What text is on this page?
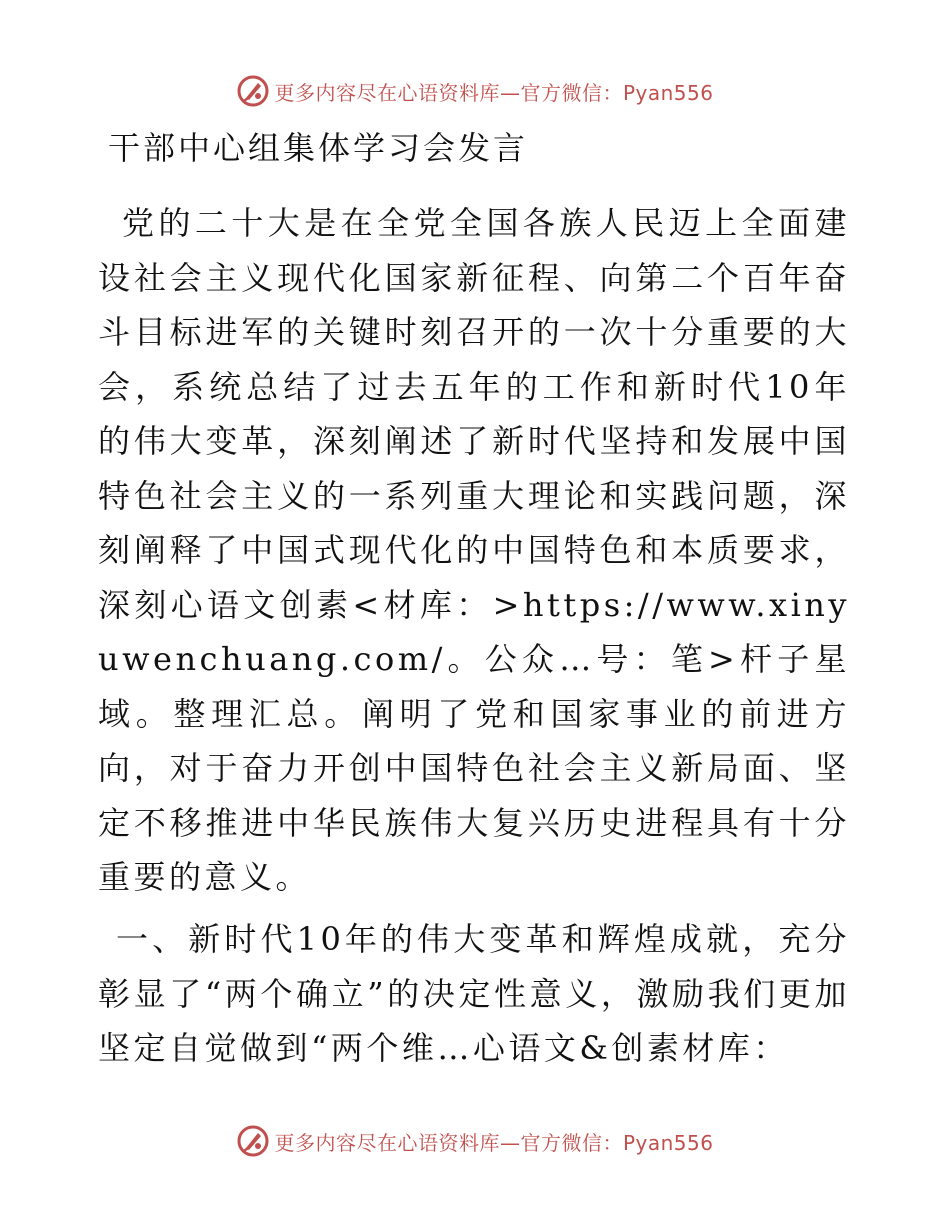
更多内容尽在心语资料库—官方微信：Pyan556
干部中心组集体学习会发言

党的二十大是在全党全国各族人民迈上全面建设社会主义现代化国家新征程、向第二个百年奋斗目标进军的关键时刻召开的一次十分重要的大会，系统总结了过去五年的工作和新时代10年的伟大变革，深刻阐述了新时代坚持和发展中国特色社会主义的一系列重大理论和实践问题，深刻阐释了中国式现代化的中国特色和本质要求，深刻心语文创素<材库：>https://www.xinyuwenchuang.com/。公众…号：笔>杆子星域。整理汇总。阐明了党和国家事业的前进方向，对于奋力开创中国特色社会主义新局面、坚定不移推进中华民族伟大复兴历史进程具有十分重要的意义。

一、新时代10年的伟大变革和辉煌成就，充分彰显了“两个确立”的决定性意义，激励我们更加坚定自觉做到“两个维…心语文&创素材库：

更多内容尽在心语资料库—官方微信：Pyan556
